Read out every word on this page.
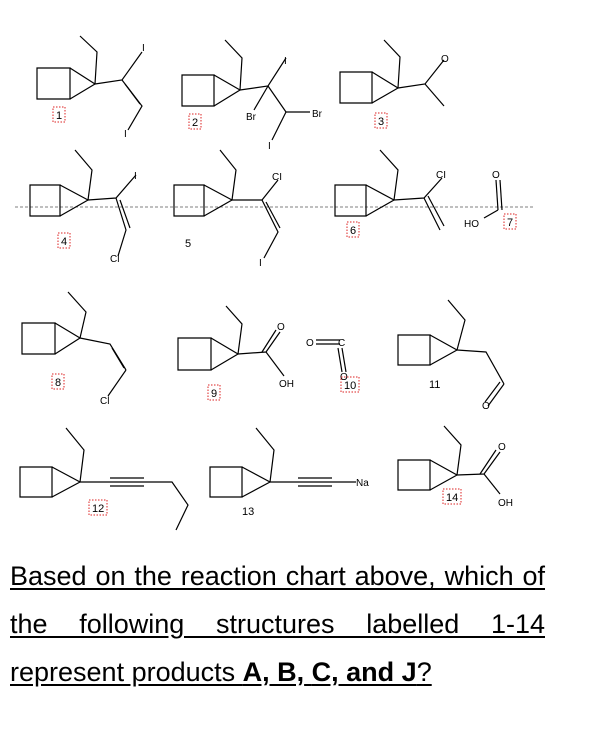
I
I
I
Br	Br
I
O
I
Cl
CI
I
CI	O
HO
Cl
O
OH
O C
O
O
Na
O
OH
1
2	3
4	5
6
7
8
9
10	11
12	13
14
Based on the reaction chart above, which of the following structures labelled 1-14 represent products A, B, C, and J?
